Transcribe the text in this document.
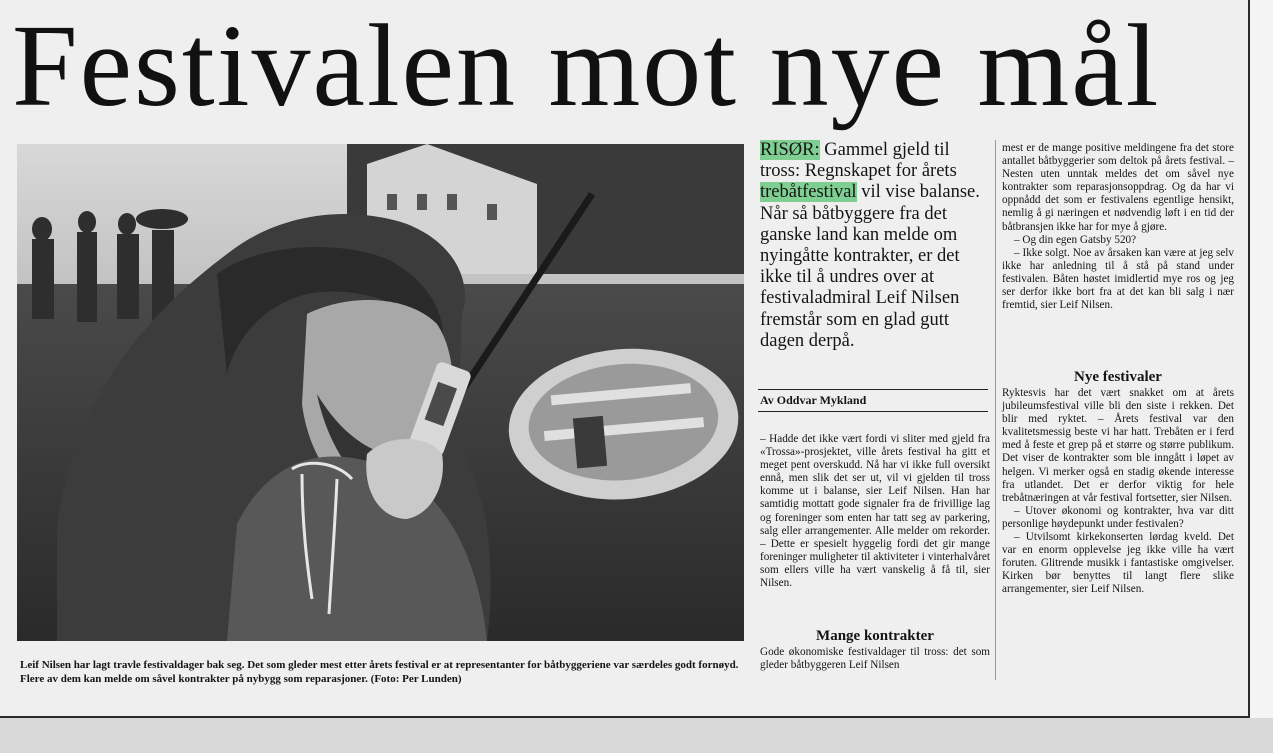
Festivalen mot nye mål
Leif Nilsen har lagt travle festivaldager bak seg. Det som gleder mest etter årets festival er at representanter for båtbyggeriene var særdeles godt fornøyd. Flere av dem kan melde om såvel kontrakter på nybygg som reparasjoner. (Foto: Per Lunden)
RISØR: Gammel gjeld til tross: Regnskapet for årets trebåtfestival vil vise balanse. Når så båtbyggere fra det ganske land kan melde om nyingåtte kontrakter, er det ikke til å undres over at festivaladmiral Leif Nilsen fremstår som en glad gutt dagen derpå.
Av Oddvar Mykland

– Hadde det ikke vært fordi vi sliter med gjeld fra «Trossa»-prosjektet, ville årets festival ha gitt et meget pent overskudd. Nå har vi ikke full oversikt ennå, men slik det ser ut, vil vi gjelden til tross komme ut i balanse, sier Leif Nilsen. Han har samtidig mottatt gode signaler fra de frivillige lag og foreninger som enten har tatt seg av parkering, salg eller arrangementer. Alle melder om rekorder. – Dette er spesielt hyggelig fordi det gir mange foreninger muligheter til aktiviteter i vinterhalvåret som ellers ville ha vært vanskelig å få til, sier Nilsen.

Mange kontrakter

Gode økonomiske festivaldager til tross: det som gleder båtbyggeren Leif Nilsen

mest er de mange positive meldingene fra det store antallet båtbyggerier som deltok på årets festival. – Nesten uten unntak meldes det om såvel nye kontrakter som reparasjonsoppdrag. Og da har vi oppnådd det som er festivalens egentlige hensikt, nemlig å gi næringen et nødvendig løft i en tid der båtbransjen ikke har for mye å gjøre.

– Og din egen Gatsby 520?

– Ikke solgt. Noe av årsaken kan være at jeg selv ikke har anledning til å stå på stand under festivalen. Båten høstet imidlertid mye ros og jeg ser derfor ikke bort fra at det kan bli salg i nær fremtid, sier Leif Nilsen.

Nye festivaler

Ryktesvis har det vært snakket om at årets jubileumsfestival ville bli den siste i rekken. Det blir med ryktet. – Årets festival var den kvalitetsmessig beste vi har hatt. Trebåten er i ferd med å feste et grep på et større og større publikum. Det viser de kontrakter som ble inngått i løpet av helgen. Vi merker også en stadig økende interesse fra utlandet. Det er derfor viktig for hele trebåtnæringen at vår festival fortsetter, sier Nilsen.

– Utover økonomi og kontrakter, hva var ditt personlige høydepunkt under festivalen?

– Utvilsomt kirkekonserten lørdag kveld. Det var en enorm opplevelse jeg ikke ville ha vært foruten. Glitrende musikk i fantastiske omgivelser. Kirken bør benyttes til langt flere slike arrangementer, sier Leif Nilsen.
